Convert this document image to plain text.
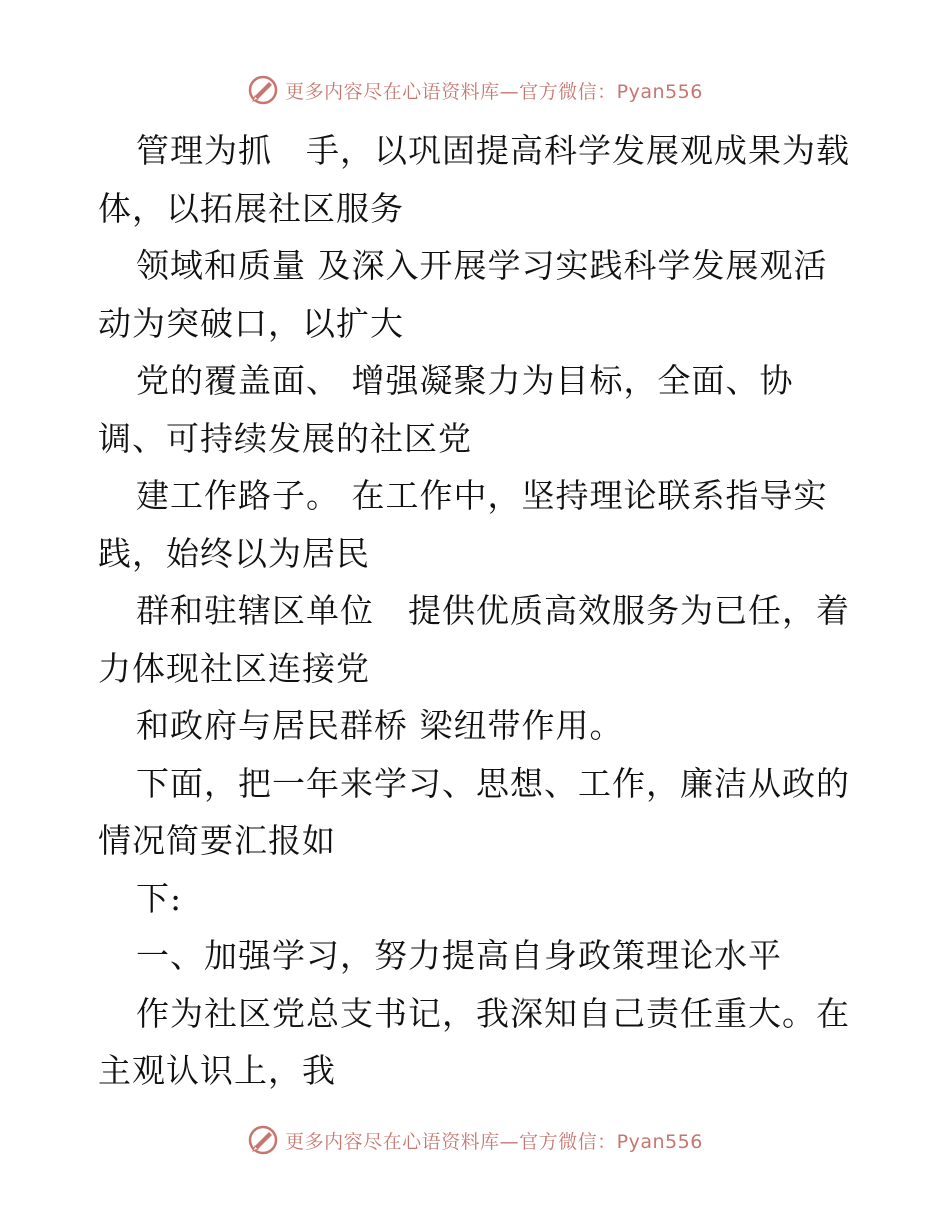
更多内容尽在心语资料库—官方微信：Pyan556

管理为抓　手，以巩固提高科学发展观成果为载体，以拓展社区服务

领域和质量 及深入开展学习实践科学发展观活动为突破口，以扩大

党的覆盖面、 增强凝聚力为目标，全面、协调、可持续发展的社区党

建工作路子。 在工作中，坚持理论联系指导实践，始终以为居民

群和驻辖区单位　提供优质高效服务为已任，着力体现社区连接党

和政府与居民群桥 梁纽带作用。

下面，把一年来学习、思想、工作，廉洁从政的情况简要汇报如

下:

一、加强学习，努力提高自身政策理论水平

作为社区党总支书记，我深知自己责任重大。在主观认识上，我

更多内容尽在心语资料库—官方微信：Pyan556
